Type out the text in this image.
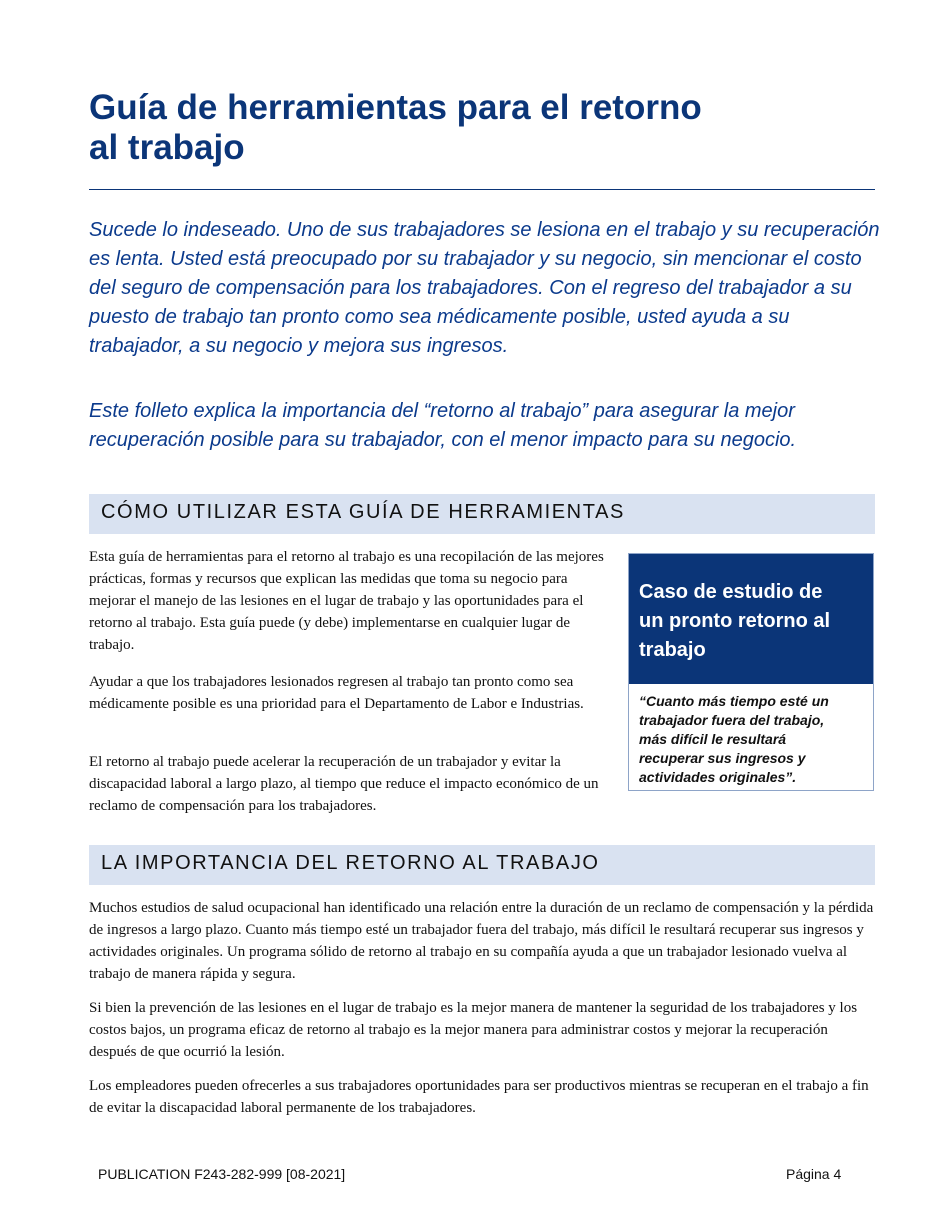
Guía de herramientas para el retorno
al trabajo

Sucede lo indeseado. Uno de sus trabajadores se lesiona en el trabajo y su recuperación es lenta. Usted está preocupado por su trabajador y su negocio, sin mencionar el costo del seguro de compensación para los trabajadores. Con el regreso del trabajador a su puesto de trabajo tan pronto como sea médicamente posible, usted ayuda a su trabajador, a su negocio y mejora sus ingresos.

Este folleto explica la importancia del “retorno al trabajo” para asegurar la mejor recuperación posible para su trabajador, con el menor impacto para su negocio.

CÓMO UTILIZAR ESTA GUÍA DE HERRAMIENTAS

Esta guía de herramientas para el retorno al trabajo es una recopilación de las mejores prácticas, formas y recursos que explican las medidas que toma su negocio para mejorar el manejo de las lesiones en el lugar de trabajo y las oportunidades para el retorno al trabajo. Esta guía puede (y debe) implementarse en cualquier lugar de trabajo.

Ayudar a que los trabajadores lesionados regresen al trabajo tan pronto como sea médicamente posible es una prioridad para el Departamento de Labor e Industrias.

El retorno al trabajo puede acelerar la recuperación de un trabajador y evitar la discapacidad laboral a largo plazo, al tiempo que reduce el impacto económico de un reclamo de compensación para los trabajadores.

Caso de estudio de
un pronto retorno al
trabajo

“Cuanto más tiempo esté un
trabajador fuera del trabajo,
más difícil le resultará
recuperar sus ingresos y
actividades originales”.

LA IMPORTANCIA DEL RETORNO AL TRABAJO

Muchos estudios de salud ocupacional han identificado una relación entre la duración de un reclamo de compensación y la pérdida de ingresos a largo plazo. Cuanto más tiempo esté un trabajador fuera del trabajo, más difícil le resultará recuperar sus ingresos y actividades originales. Un programa sólido de retorno al trabajo en su compañía ayuda a que un trabajador lesionado vuelva al trabajo de manera rápida y segura.

Si bien la prevención de las lesiones en el lugar de trabajo es la mejor manera de mantener la seguridad de los trabajadores y los costos bajos, un programa eficaz de retorno al trabajo es la mejor manera para administrar costos y mejorar la recuperación después de que ocurrió la lesión.

Los empleadores pueden ofrecerles a sus trabajadores oportunidades para ser productivos mientras se recuperan en el trabajo a fin de evitar la discapacidad laboral permanente de los trabajadores.

PUBLICATION F243-282-999 [08-2021]	Página 4
